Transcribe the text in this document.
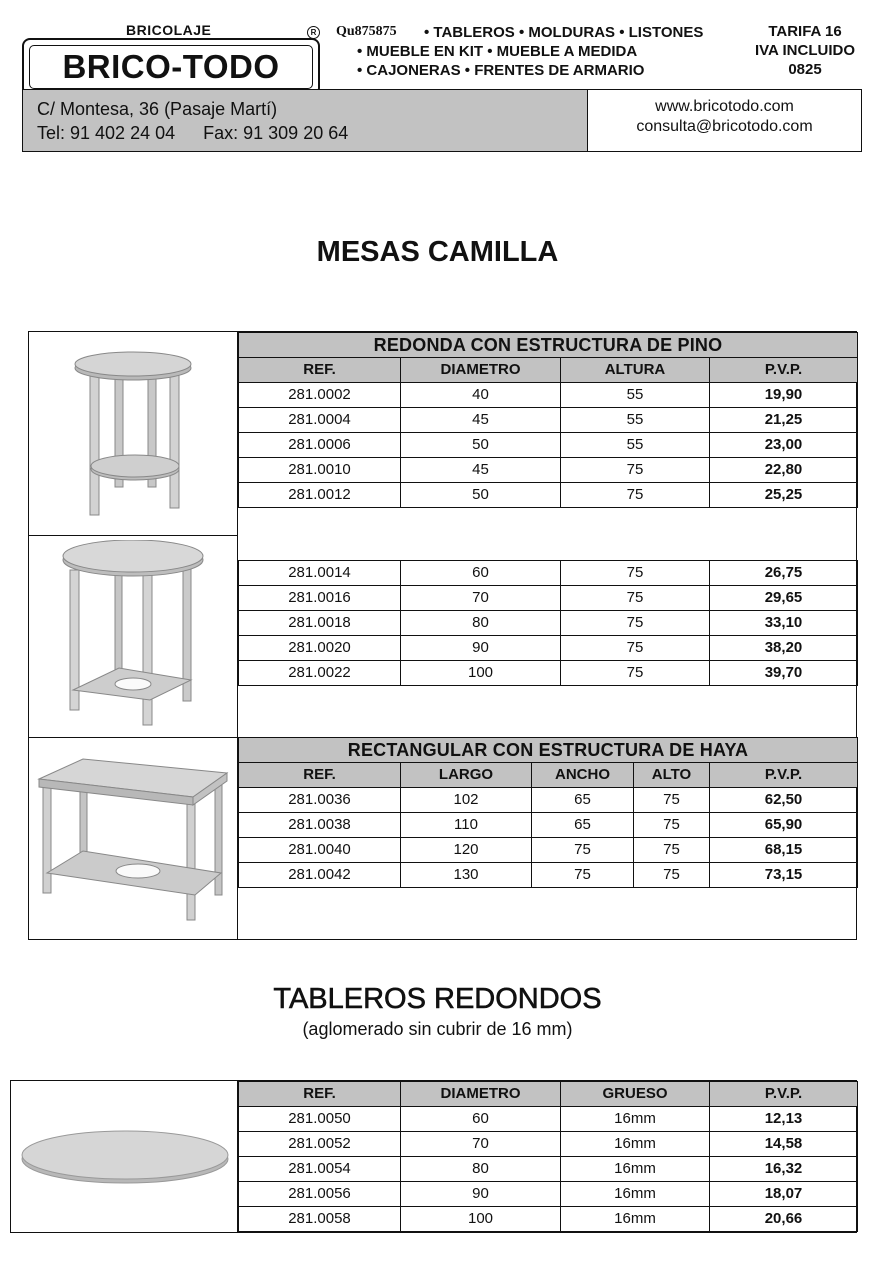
BRICOLAJE
BRICO-TODO
R Qu875875 • TABLEROS • MOLDURAS • LISTONES
• MUEBLE EN KIT • MUEBLE A MEDIDA
• CAJONERAS • FRENTES DE ARMARIO
TARIFA 16
IVA INCLUIDO
0825
C/ Montesa, 36 (Pasaje Martí)
Tel: 91 402 24 04 Fax: 91 309 20 64
www.bricotodo.com
consulta@bricotodo.com
MESAS CAMILLA
REDONDA CON ESTRUCTURA DE PINO			
REF.	DIAMETRO	ALTURA	P.V.P.
281.0002	40	55	19,90
281.0004	45	55	21,25
281.0006	50	55	23,00
281.0010	45	75	22,80
281.0012	50	75	25,25
281.0014	60	75	26,75
281.0016	70	75	29,65
281.0018	80	75	33,10
281.0020	90	75	38,20
281.0022	100	75	39,70
RECTANGULAR CON ESTRUCTURA DE HAYA				
REF.	LARGO	ANCHO	ALTO	P.V.P.
281.0036	102	65	75	62,50
281.0038	110	65	75	65,90
281.0040	120	75	75	68,15
281.0042	130	75	75	73,15
TABLEROS REDONDOS
(aglomerado sin cubrir de 16 mm)
REF.	DIAMETRO	GRUESO	P.V.P.
281.0050	60	16mm	12,13
281.0052	70	16mm	14,58
281.0054	80	16mm	16,32
281.0056	90	16mm	18,07
281.0058	100	16mm	20,66
